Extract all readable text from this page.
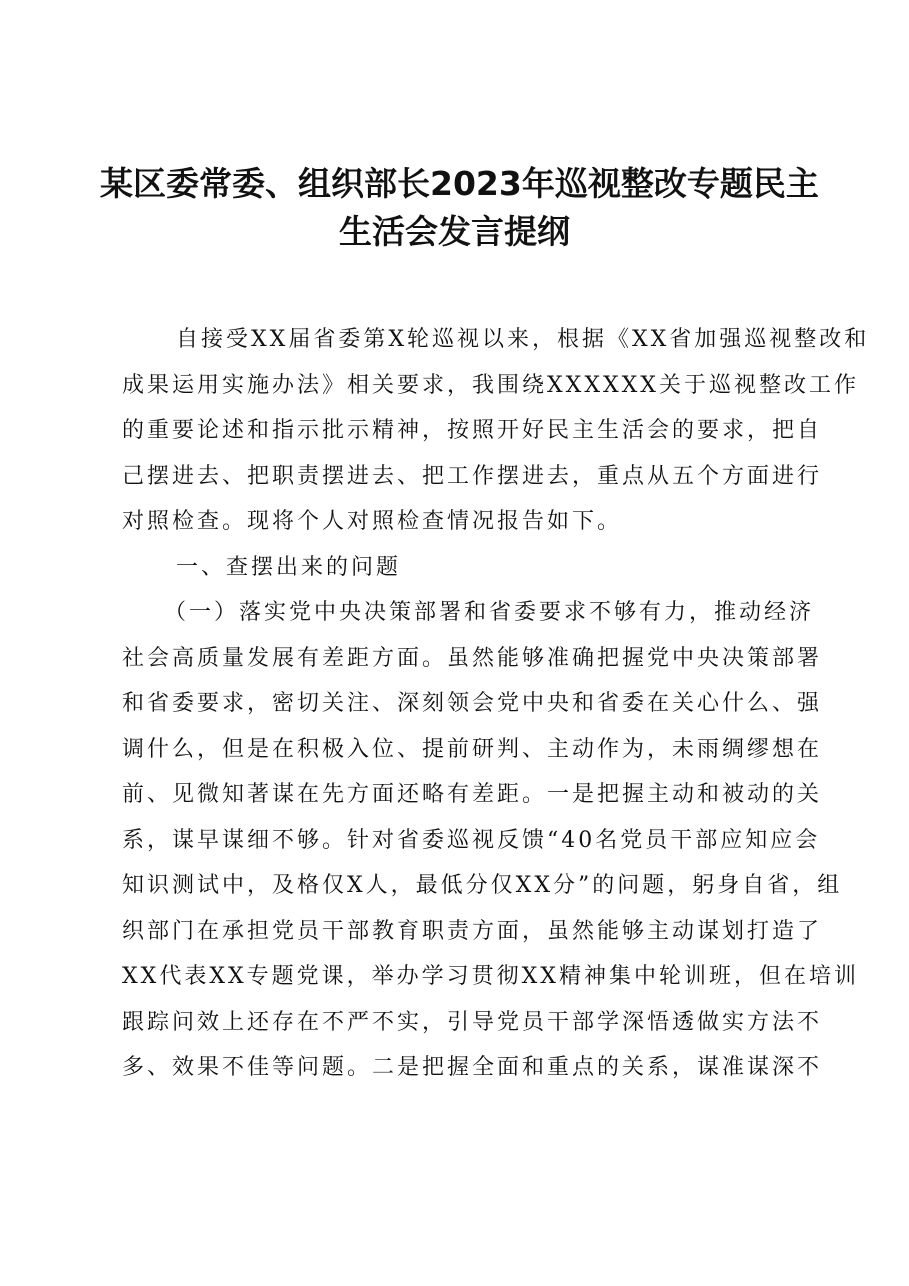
某区委常委、组织部长2023年巡视整改专题民主
生活会发言提纲
自接受XX届省委第X轮巡视以来，根据《XX省加强巡视整改和
成果运用实施办法》相关要求，我围绕XXXXXX关于巡视整改工作
的重要论述和指示批示精神，按照开好民主生活会的要求，把自
己摆进去、把职责摆进去、把工作摆进去，重点从五个方面进行
对照检查。现将个人对照检查情况报告如下。
一、查摆出来的问题
（一）落实党中央决策部署和省委要求不够有力，推动经济
社会高质量发展有差距方面。虽然能够准确把握党中央决策部署
和省委要求，密切关注、深刻领会党中央和省委在关心什么、强
调什么，但是在积极入位、提前研判、主动作为，未雨绸缪想在
前、见微知著谋在先方面还略有差距。一是把握主动和被动的关
系，谋早谋细不够。针对省委巡视反馈“40名党员干部应知应会
知识测试中，及格仅X人，最低分仅XX分”的问题，躬身自省，组
织部门在承担党员干部教育职责方面，虽然能够主动谋划打造了
XX代表XX专题党课，举办学习贯彻XX精神集中轮训班，但在培训
跟踪问效上还存在不严不实，引导党员干部学深悟透做实方法不
多、效果不佳等问题。二是把握全面和重点的关系，谋准谋深不
